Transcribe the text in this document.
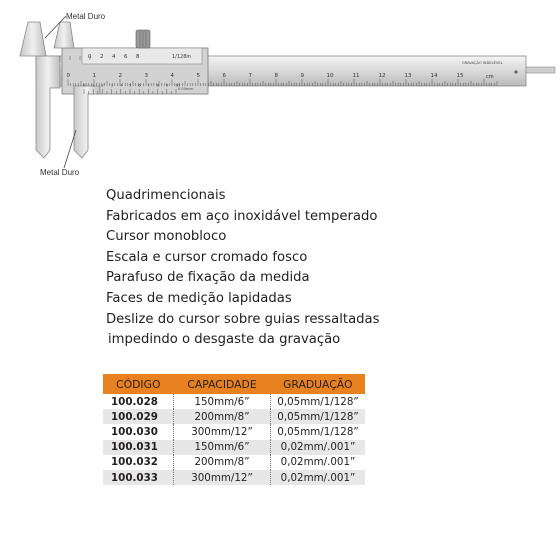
0 1 2 3 4 5 6 7 8 9 10
0	1	2	3	4	5	6	7	8	9	10	11	12	13	14	15
0 2 4 6 8	1/128in
cm
GRAVAÇÃO INDELÉVEL
0.05mm
Metal Duro
Metal Duro
Quadrimencionais
Fabricados em aço inoxidável temperado
Cursor monobloco
Escala e cursor cromado fosco
Parafuso de fixação da medida
Faces de medição lapidadas
Deslize do cursor sobre guias ressaltadas
impedindo o desgaste da gravação
CÓDIGO	CAPACIDADE	GRADUAÇÃO
100.028	150mm/6”	0,05mm/1/128”
100.029	200mm/8”	0,05mm/1/128”
100.030	300mm/12”	0,05mm/1/128”
100.031	150mm/6”	0,02mm/.001”
100.032	200mm/8”	0,02mm/.001”
100.033	300mm/12”	0,02mm/.001”
